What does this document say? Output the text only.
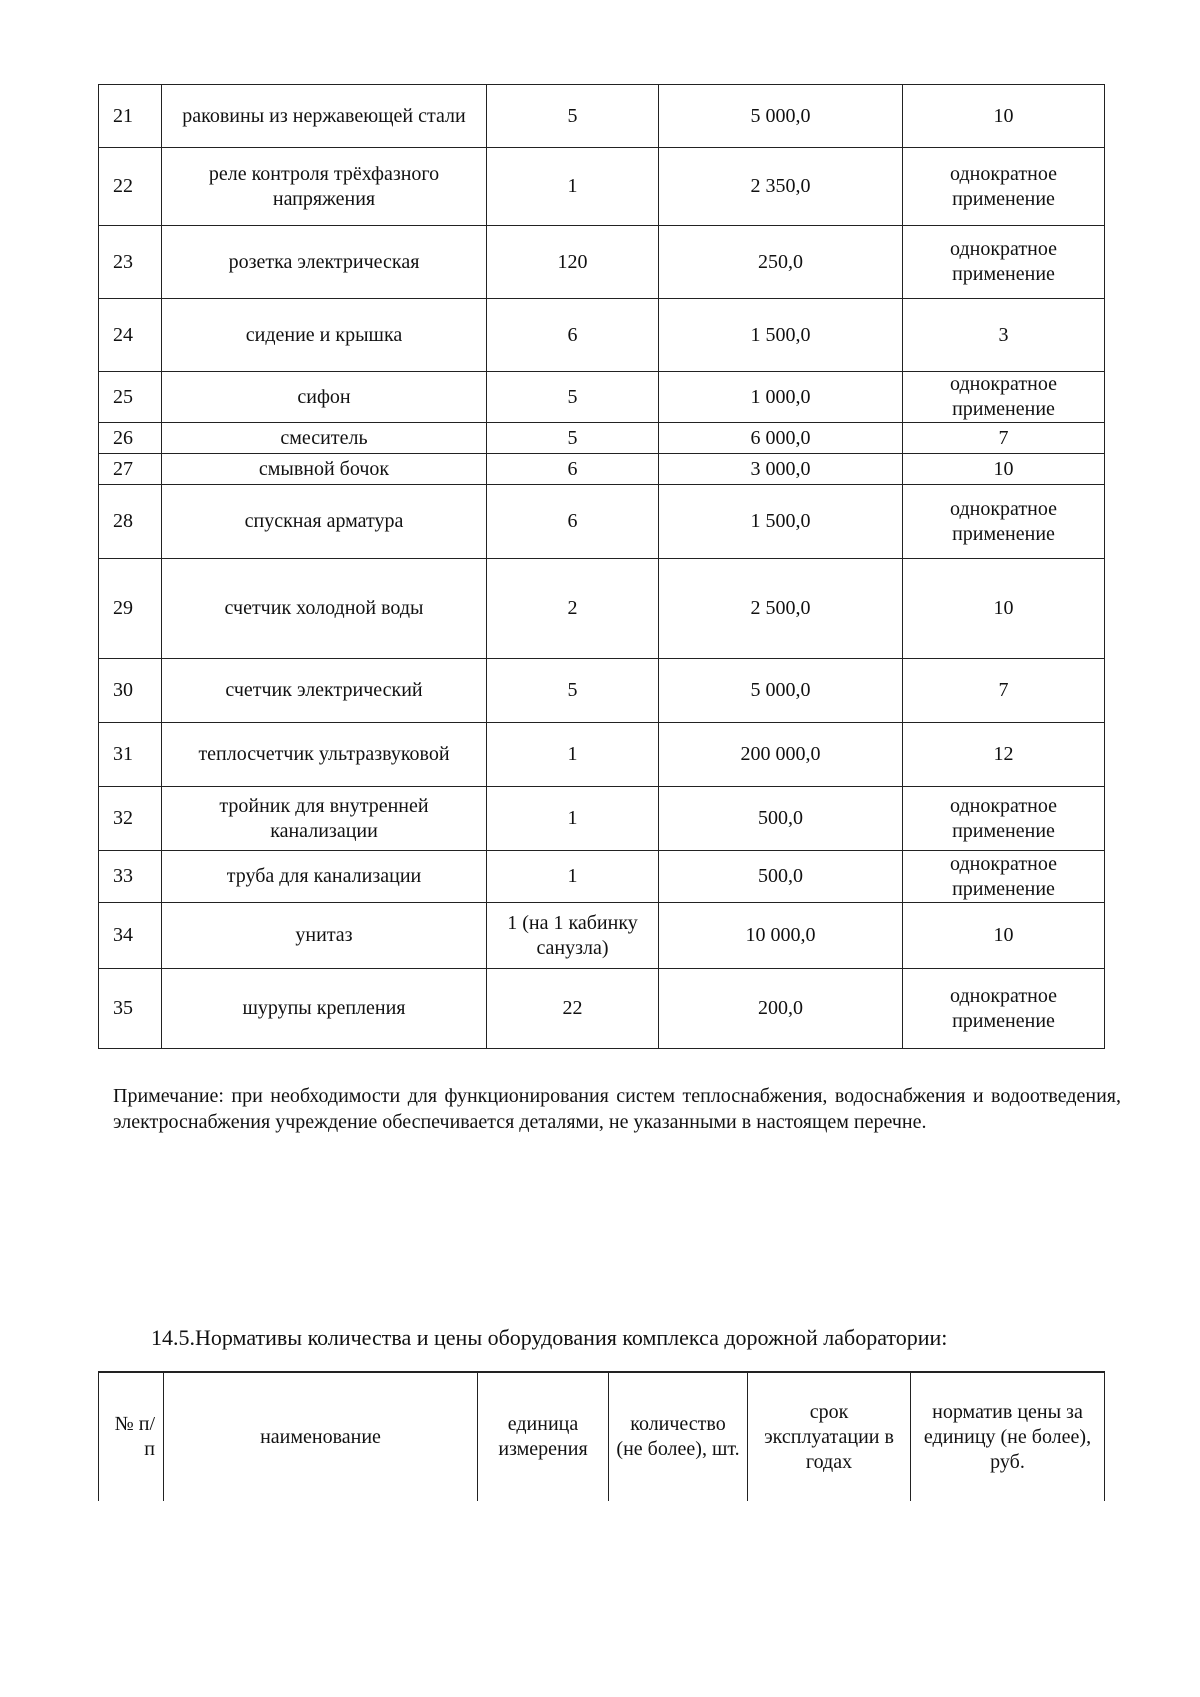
21	раковины из нержавеющей стали	5	5 000,0	10
22	реле контроля трёхфазного напряжения	1	2 350,0	однократное применение
23	розетка электрическая	120	250,0	однократное применение
24	сидение и крышка	6	1 500,0	3
25	сифон	5	1 000,0	однократное применение
26	смеситель	5	6 000,0	7
27	смывной бочок	6	3 000,0	10
28	спускная арматура	6	1 500,0	однократное применение
29	счетчик холодной воды	2	2 500,0	10
30	счетчик электрический	5	5 000,0	7
31	теплосчетчик ультразвуковой	1	200 000,0	12
32	тройник для внутренней канализации	1	500,0	однократное применение
33	труба для канализации	1	500,0	однократное применение
34	унитаз	1 (на 1 кабинку санузла)	10 000,0	10
35	шурупы крепления	22	200,0	однократное применение

Примечание: при необходимости для функционирования систем теплоснабжения, водоснабжения и водоотведения, электроснабжения учреждение обеспечивается деталями, не указанными в настоящем перечне.

14.5.Нормативы количества и цены оборудования комплекса дорожной лаборатории:

№ п/п	наименование	единица измерения	количество (не более), шт.	срок эксплуатации в годах	норматив цены за единицу (не более), руб.
